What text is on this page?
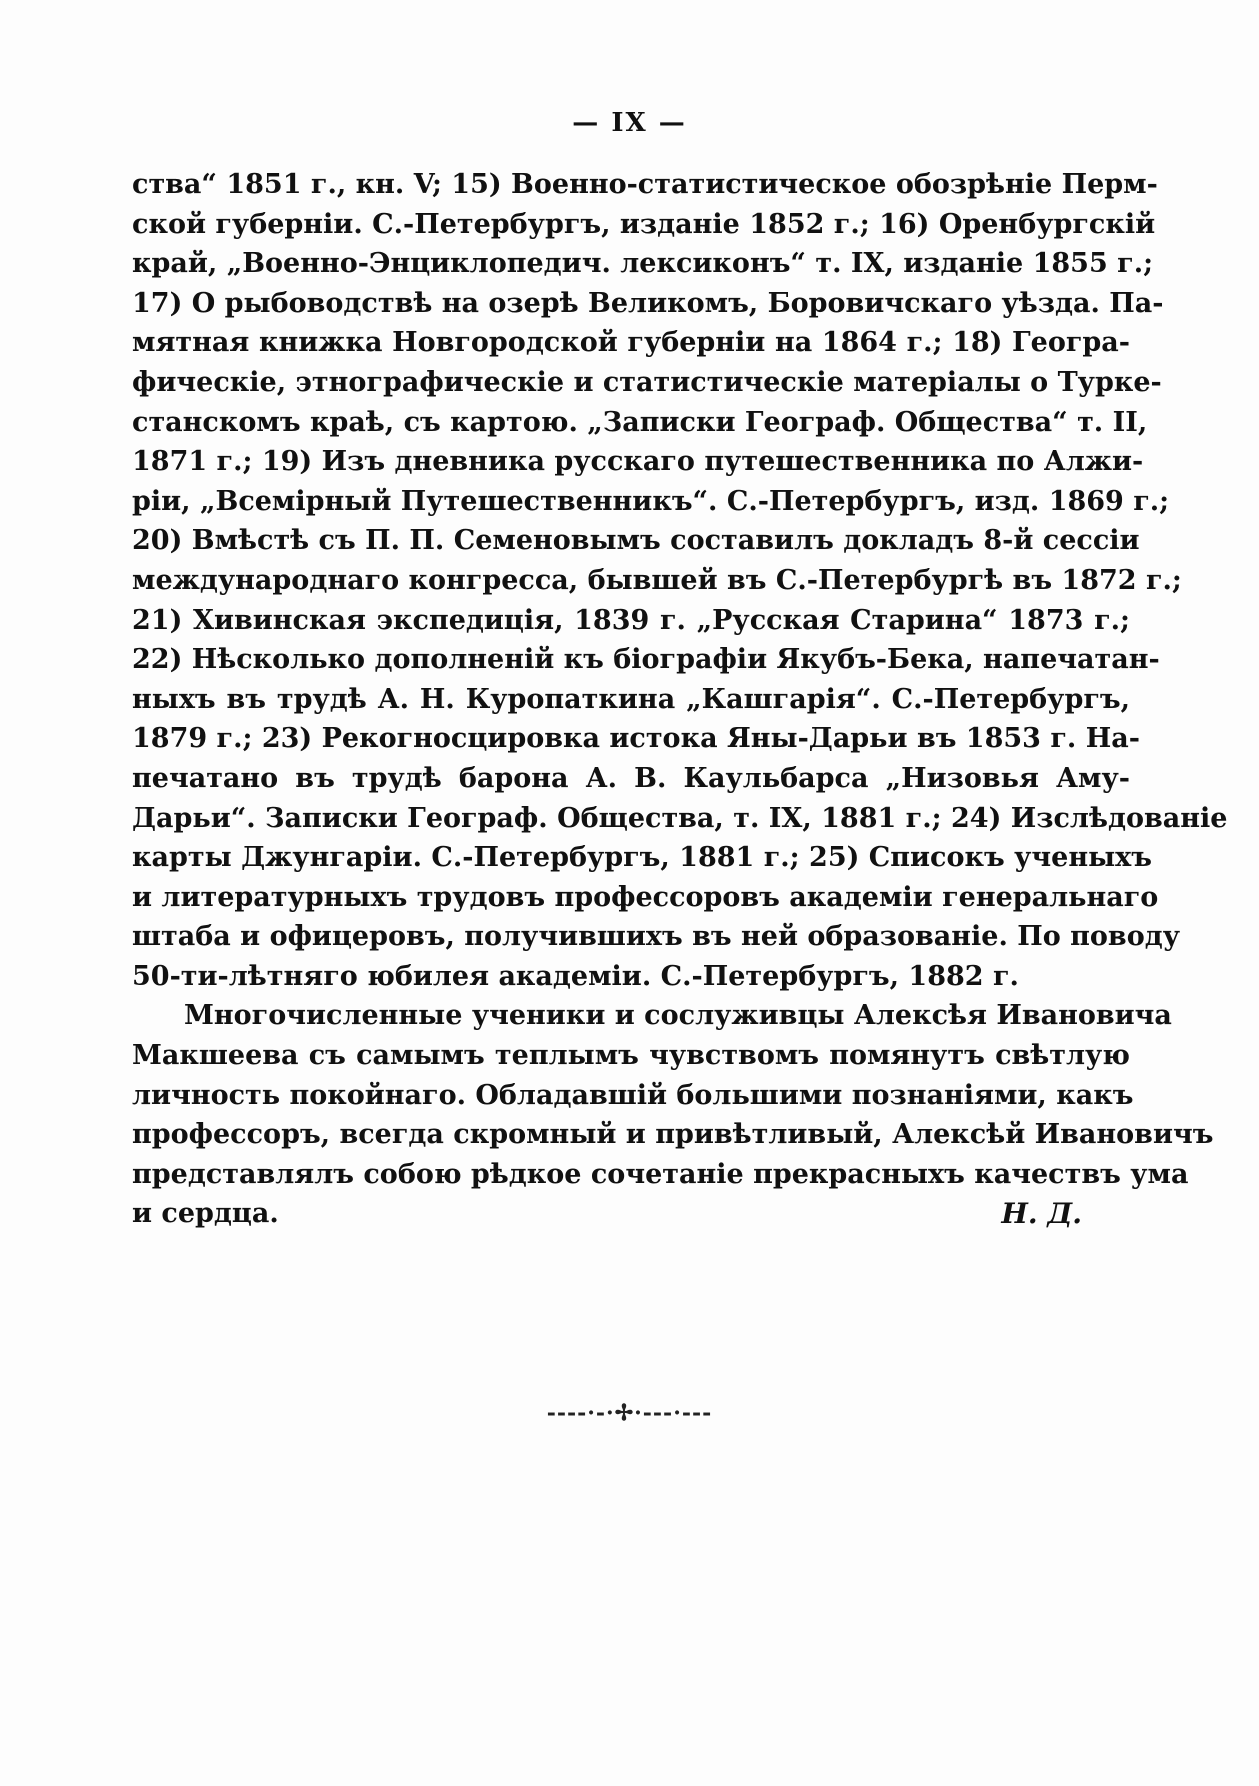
— IX —
ства“ 1851 г., кн. V; 15) Военно-статистическое обозрѣніе Перм-
ской губерніи. С.-Петербургъ, изданіе 1852 г.; 16) Оренбургскій
край, „Военно-Энциклопедич. лексиконъ“ т. IX, изданіе 1855 г.;
17) О рыбоводствѣ на озерѣ Великомъ, Боровичскаго уѣзда. Па-
мятная книжка Новгородской губерніи на 1864 г.; 18) Геогра-
фическіе, этнографическіе и статистическіе матеріалы о Турке-
станскомъ краѣ, съ картою. „Записки Географ. Общества“ т. II,
1871 г.; 19) Изъ дневника русскаго путешественника по Алжи-
ріи, „Всемірный Путешественникъ“. С.-Петербургъ, изд. 1869 г.;
20) Вмѣстѣ съ П. П. Семеновымъ составилъ докладъ 8-й сессіи
международнаго конгресса, бывшей въ С.-Петербургѣ въ 1872 г.;
21) Хивинская экспедиція, 1839 г. „Русская Старина“ 1873 г.;
22) Нѣсколько дополненій къ біографіи Якубъ-Бека, напечатан-
ныхъ въ трудѣ А. Н. Куропаткина „Кашгарія“. С.-Петербургъ,
1879 г.; 23) Рекогносцировка истока Яны-Дарьи въ 1853 г. На-
печатано въ трудѣ барона А. В. Каульбарса „Низовья Аму-
Дарьи“. Записки Географ. Общества, т. IX, 1881 г.; 24) Изслѣдованіе
карты Джунгаріи. С.-Петербургъ, 1881 г.; 25) Списокъ ученыхъ
и литературныхъ трудовъ профессоровъ академіи генеральнаго
штаба и офицеровъ, получившихъ въ ней образованіе. По поводу
50-ти-лѣтняго юбилея академіи. С.-Петербургъ, 1882 г.
Многочисленные ученики и сослуживцы Алексѣя Ивановича
Макшеева съ самымъ теплымъ чувствомъ помянутъ свѣтлую
личность покойнаго. Обладавшій большими познаніями, какъ
профессоръ, всегда скромный и привѣтливый, Алексѣй Ивановичъ
представлялъ собою рѣдкое сочетаніе прекрасныхъ качествъ ума
и сердца.	Н. Д.
----·-·✢·---·---
